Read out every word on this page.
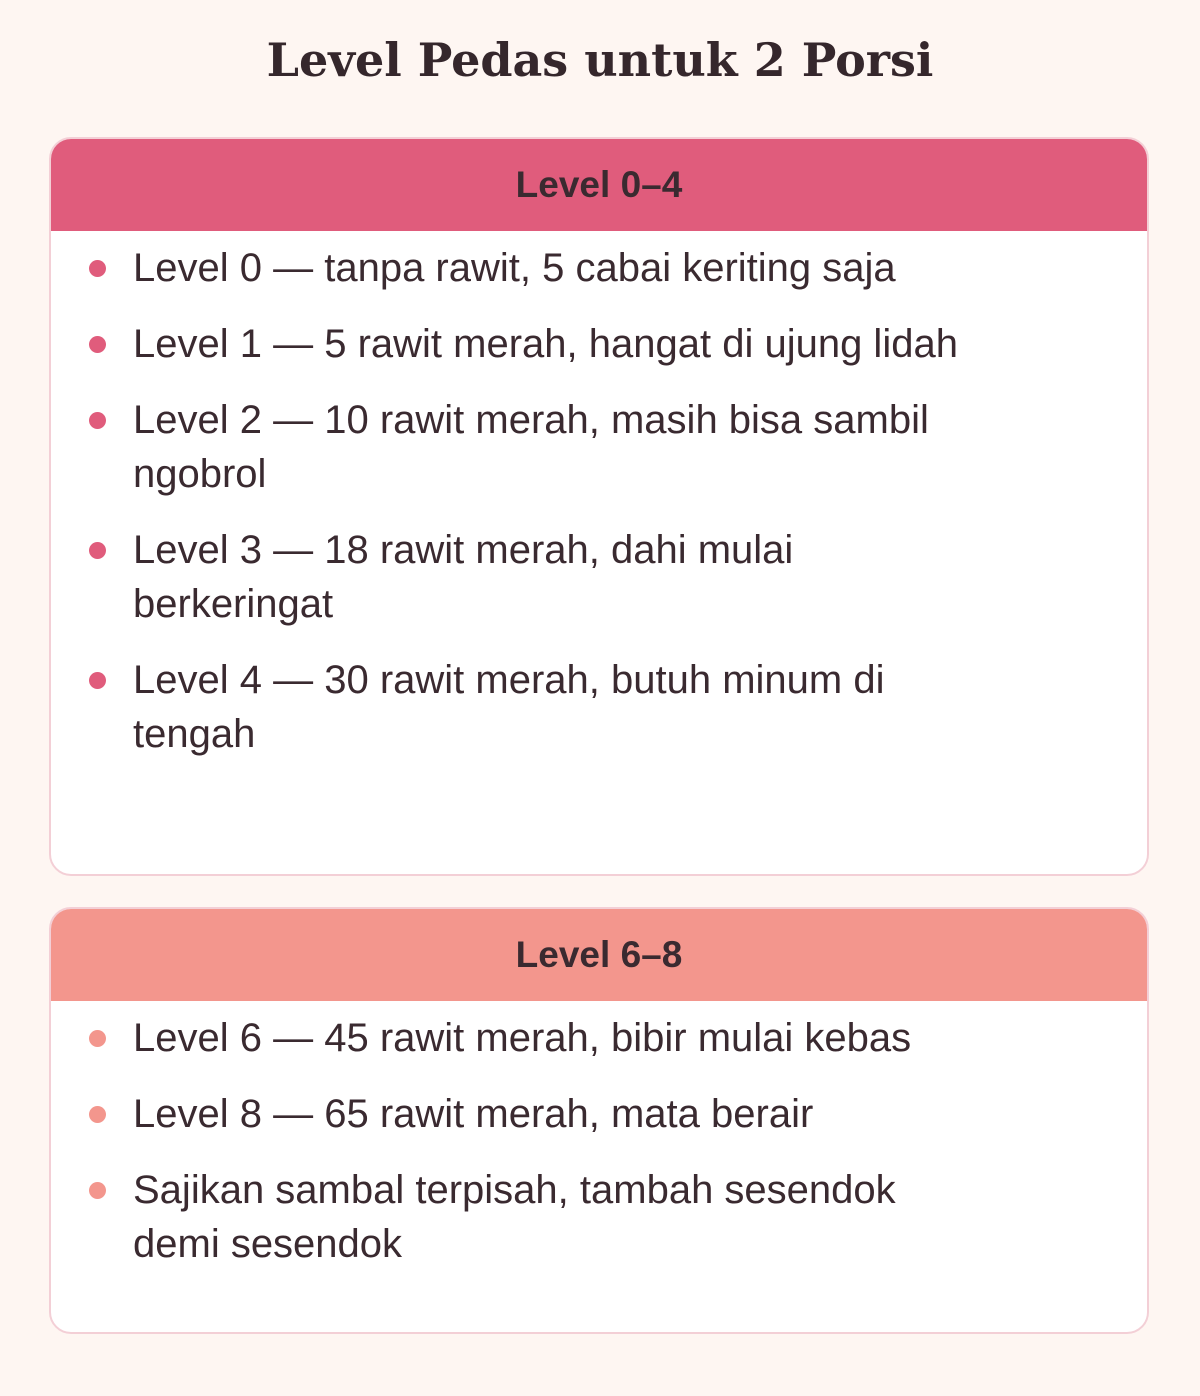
Level Pedas untuk 2 Porsi
Level 0–4
Level 0 — tanpa rawit, 5 cabai keriting saja
Level 1 — 5 rawit merah, hangat di ujung lidah
Level 2 — 10 rawit merah, masih bisa sambil ngobrol
Level 3 — 18 rawit merah, dahi mulai berkeringat
Level 4 — 30 rawit merah, butuh minum di tengah
Level 6–8
Level 6 — 45 rawit merah, bibir mulai kebas
Level 8 — 65 rawit merah, mata berair
Sajikan sambal terpisah, tambah sesendok demi sesendok
